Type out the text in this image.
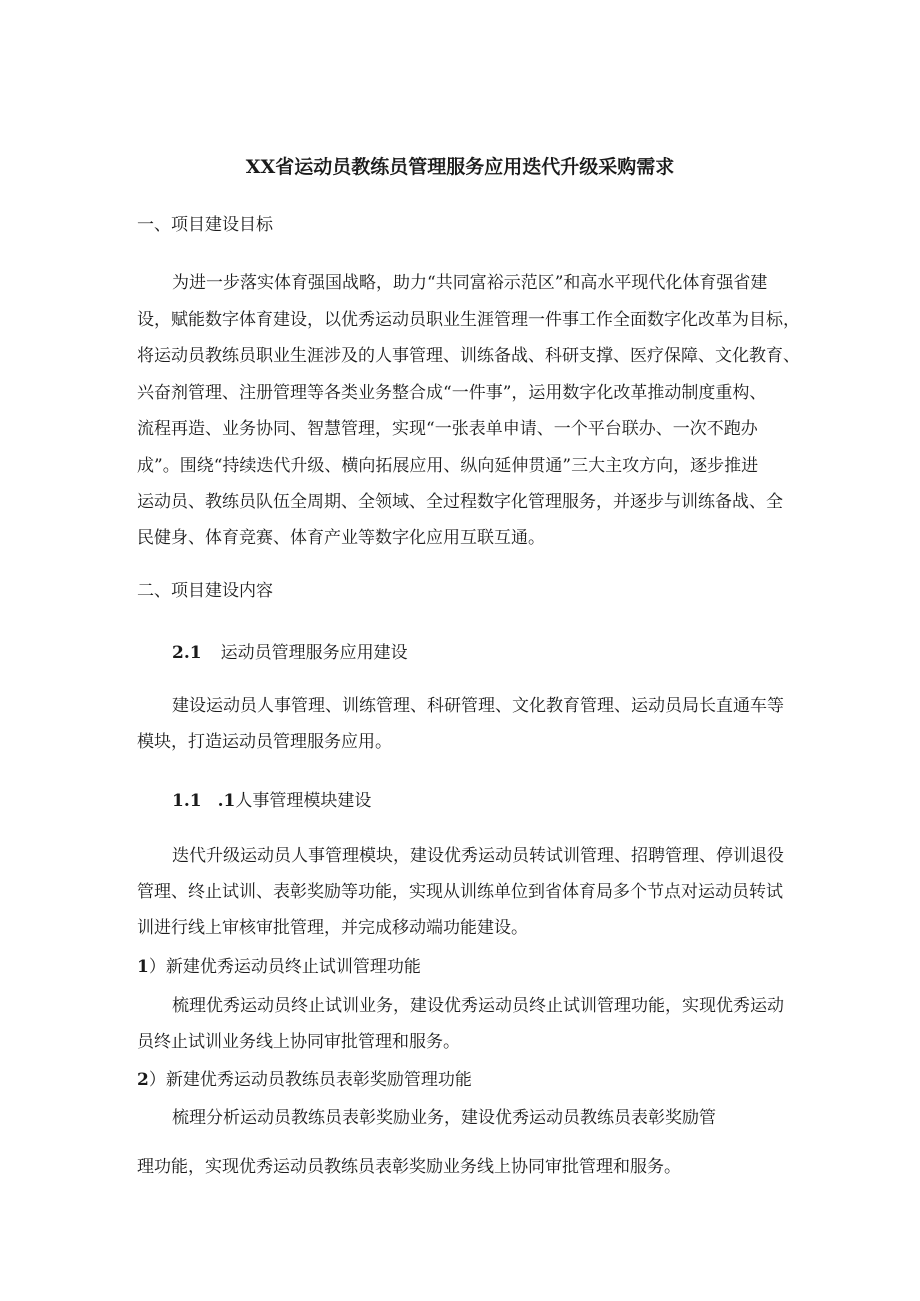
XX省运动员教练员管理服务应用迭代升级采购需求
一、项目建设目标

为进一步落实体育强国战略，助力“共同富裕示范区”和高水平现代化体育强省建

设，赋能数字体育建设，以优秀运动员职业生涯管理一件事工作全面数字化改革为目标，

将运动员教练员职业生涯涉及的人事管理、训练备战、科研支撑、医疗保障、文化教育、

兴奋剂管理、注册管理等各类业务整合成“一件事”，运用数字化改革推动制度重构、

流程再造、业务协同、智慧管理，实现“一张表单申请、一个平台联办、一次不跑办

成”。围绕“持续迭代升级、横向拓展应用、纵向延伸贯通”三大主攻方向，逐步推进

运动员、教练员队伍全周期、全领域、全过程数字化管理服务，并逐步与训练备战、全

民健身、体育竞赛、体育产业等数字化应用互联互通。

二、项目建设内容
2.1 运动员管理服务应用建设

建设运动员人事管理、训练管理、科研管理、文化教育管理、运动员局长直通车等

模块，打造运动员管理服务应用。

1.1 .1人事管理模块建设

迭代升级运动员人事管理模块，建设优秀运动员转试训管理、招聘管理、停训退役

管理、终止试训、表彰奖励等功能，实现从训练单位到省体育局多个节点对运动员转试

训进行线上审核审批管理，并完成移动端功能建设。

1）新建优秀运动员终止试训管理功能

梳理优秀运动员终止试训业务，建设优秀运动员终止试训管理功能，实现优秀运动

员终止试训业务线上协同审批管理和服务。

2）新建优秀运动员教练员表彰奖励管理功能

梳理分析运动员教练员表彰奖励业务，建设优秀运动员教练员表彰奖励管

理功能，实现优秀运动员教练员表彰奖励业务线上协同审批管理和服务。
